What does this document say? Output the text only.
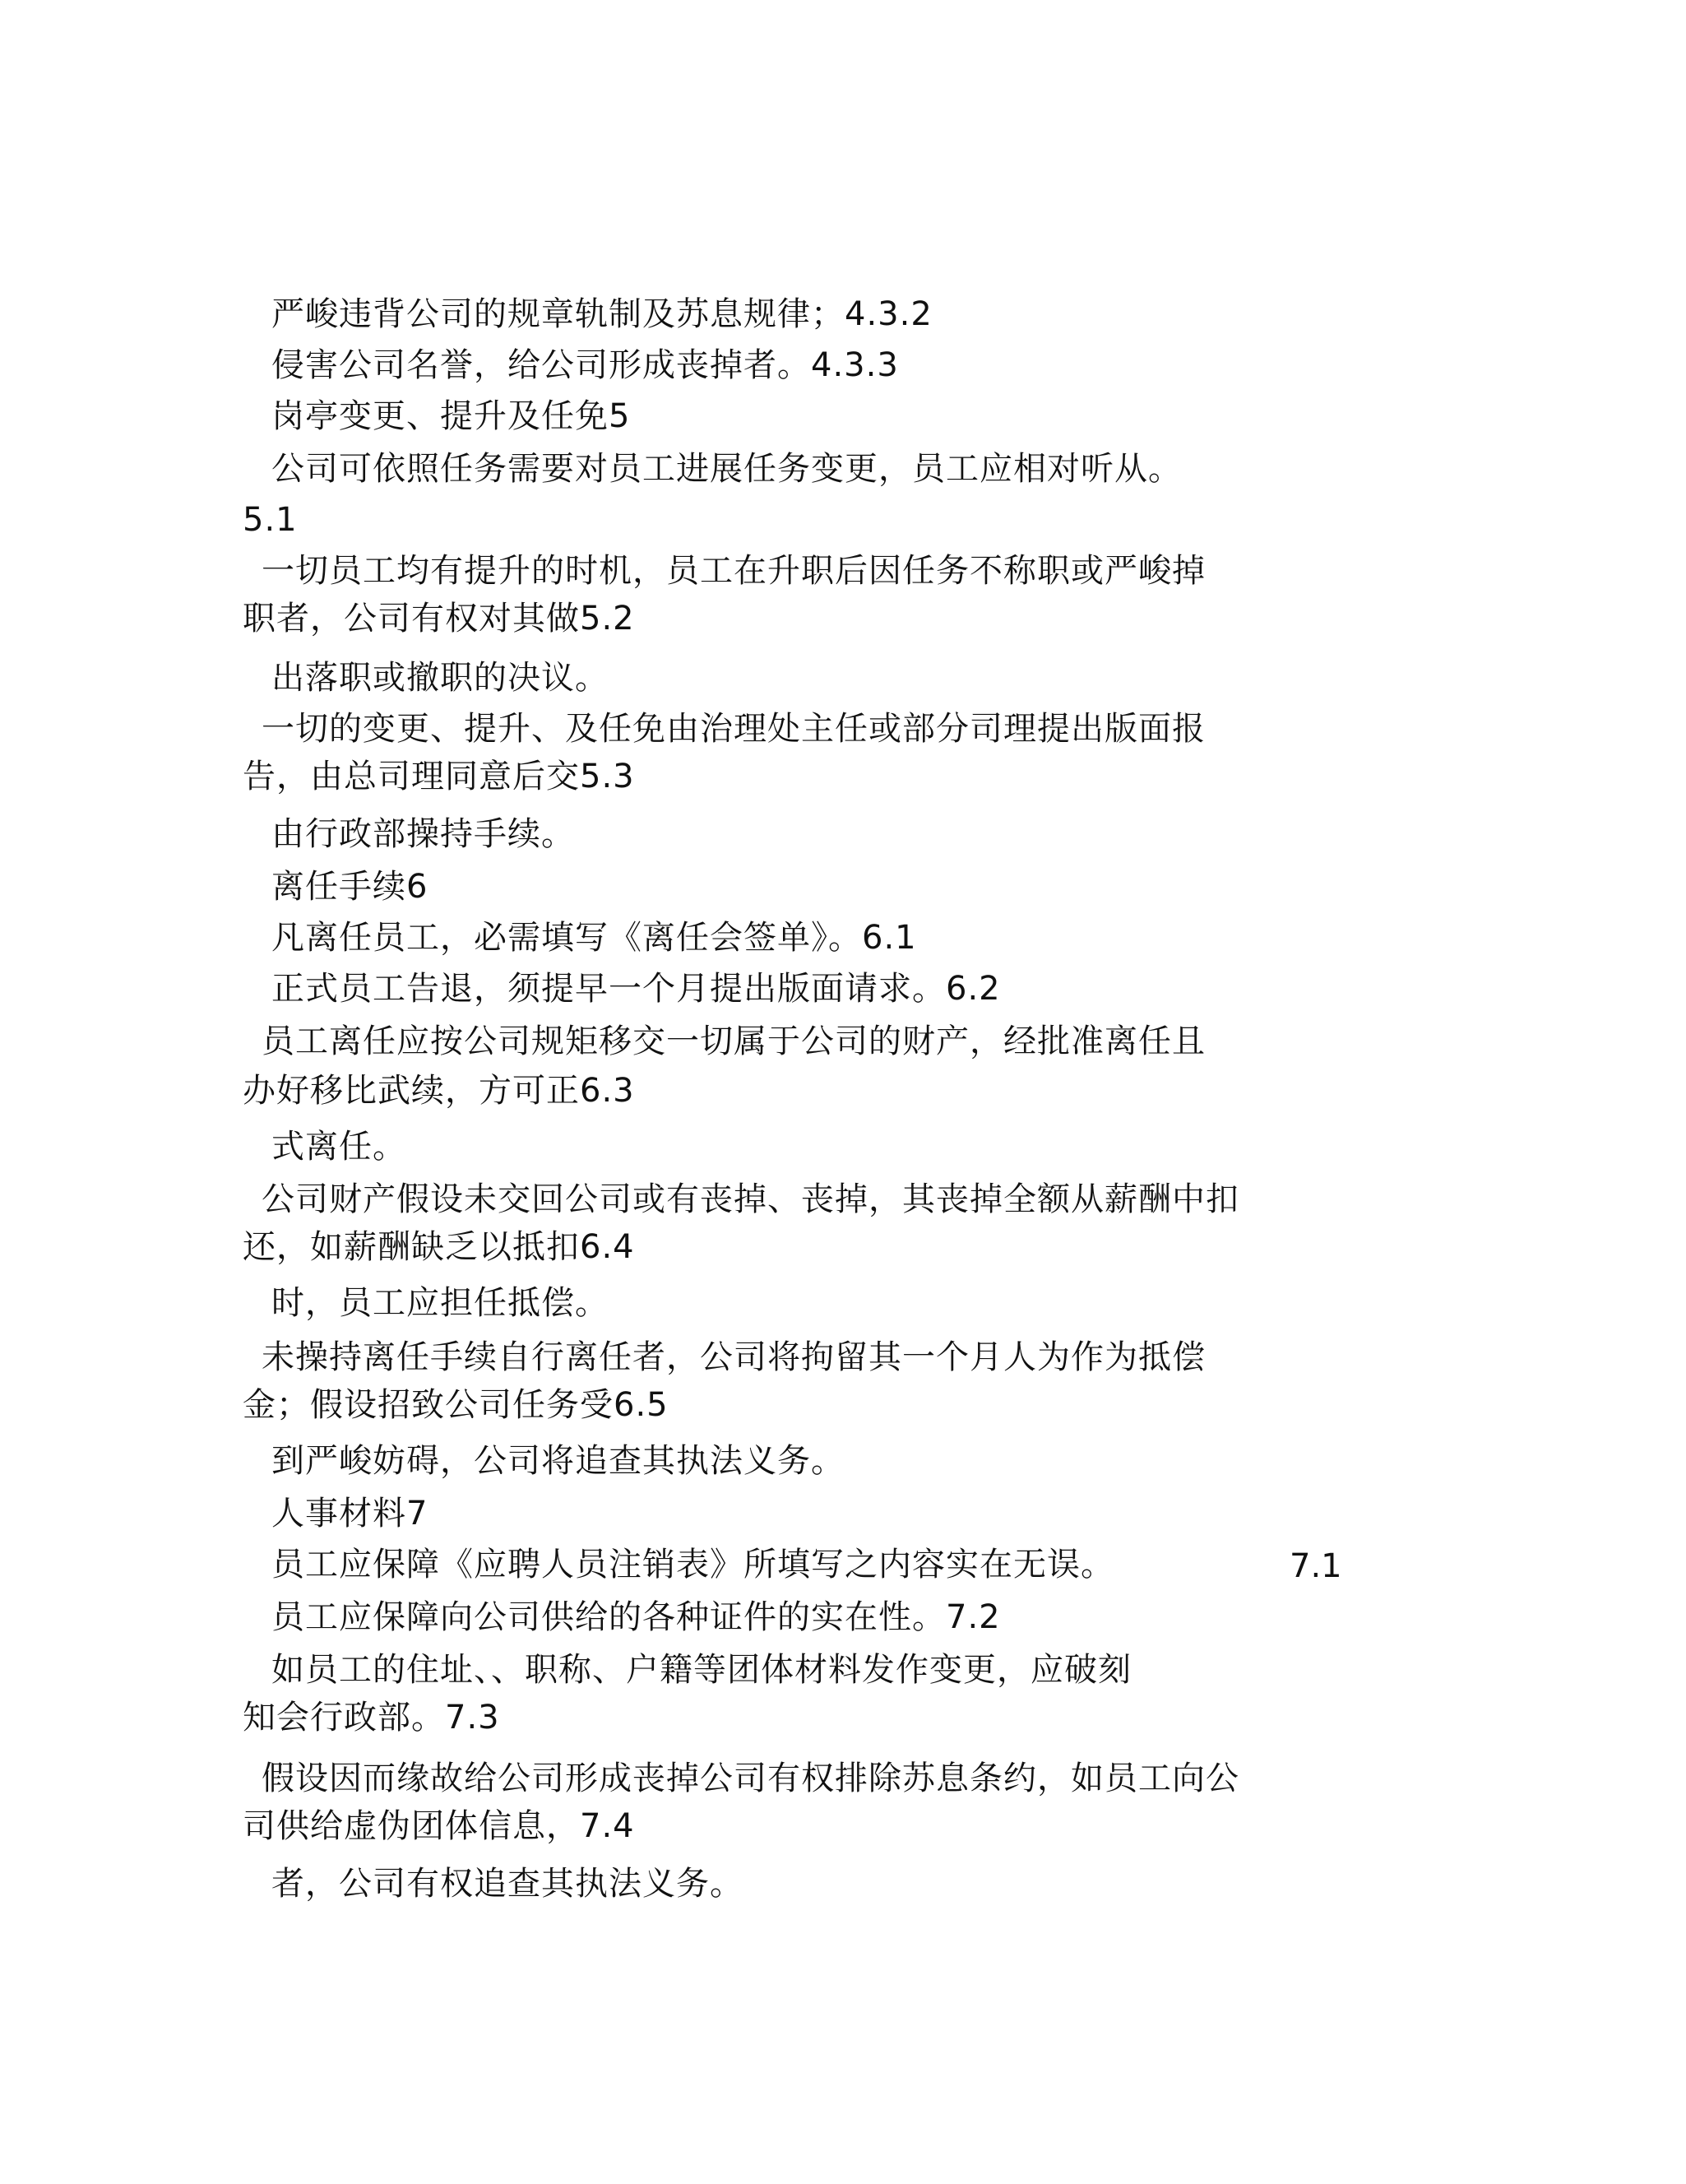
严峻违背公司的规章轨制及苏息规律；4.3.2
侵害公司名誉，给公司形成丧掉者。4.3.3
岗亭变更、提升及任免5
公司可依照任务需要对员工进展任务变更，员工应相对听从。
5.1
一切员工均有提升的时机，员工在升职后因任务不称职或严峻掉
职者，公司有权对其做5.2
出落职或撤职的决议。
一切的变更、提升、及任免由治理处主任或部分司理提出版面报
告，由总司理同意后交5.3
由行政部操持手续。
离任手续6
凡离任员工，必需填写《离任会签单》。6.1
正式员工告退，须提早一个月提出版面请求。6.2
员工离任应按公司规矩移交一切属于公司的财产，经批准离任且
办好移比武续，方可正6.3
式离任。
公司财产假设未交回公司或有丧掉、丧掉，其丧掉全额从薪酬中扣
还，如薪酬缺乏以抵扣6.4
时，员工应担任抵偿。
未操持离任手续自行离任者，公司将拘留其一个月人为作为抵偿
金；假设招致公司任务受6.5
到严峻妨碍，公司将追查其执法义务。
人事材料7
员工应保障《应聘人员注销表》所填写之内容实在无误。	7.1
员工应保障向公司供给的各种证件的实在性。7.2
如员工的住址、、职称、户籍等团体材料发作变更，应破刻
知会行政部。7.3
假设因而缘故给公司形成丧掉公司有权排除苏息条约，如员工向公
司供给虚伪团体信息，7.4
者，公司有权追查其执法义务。
